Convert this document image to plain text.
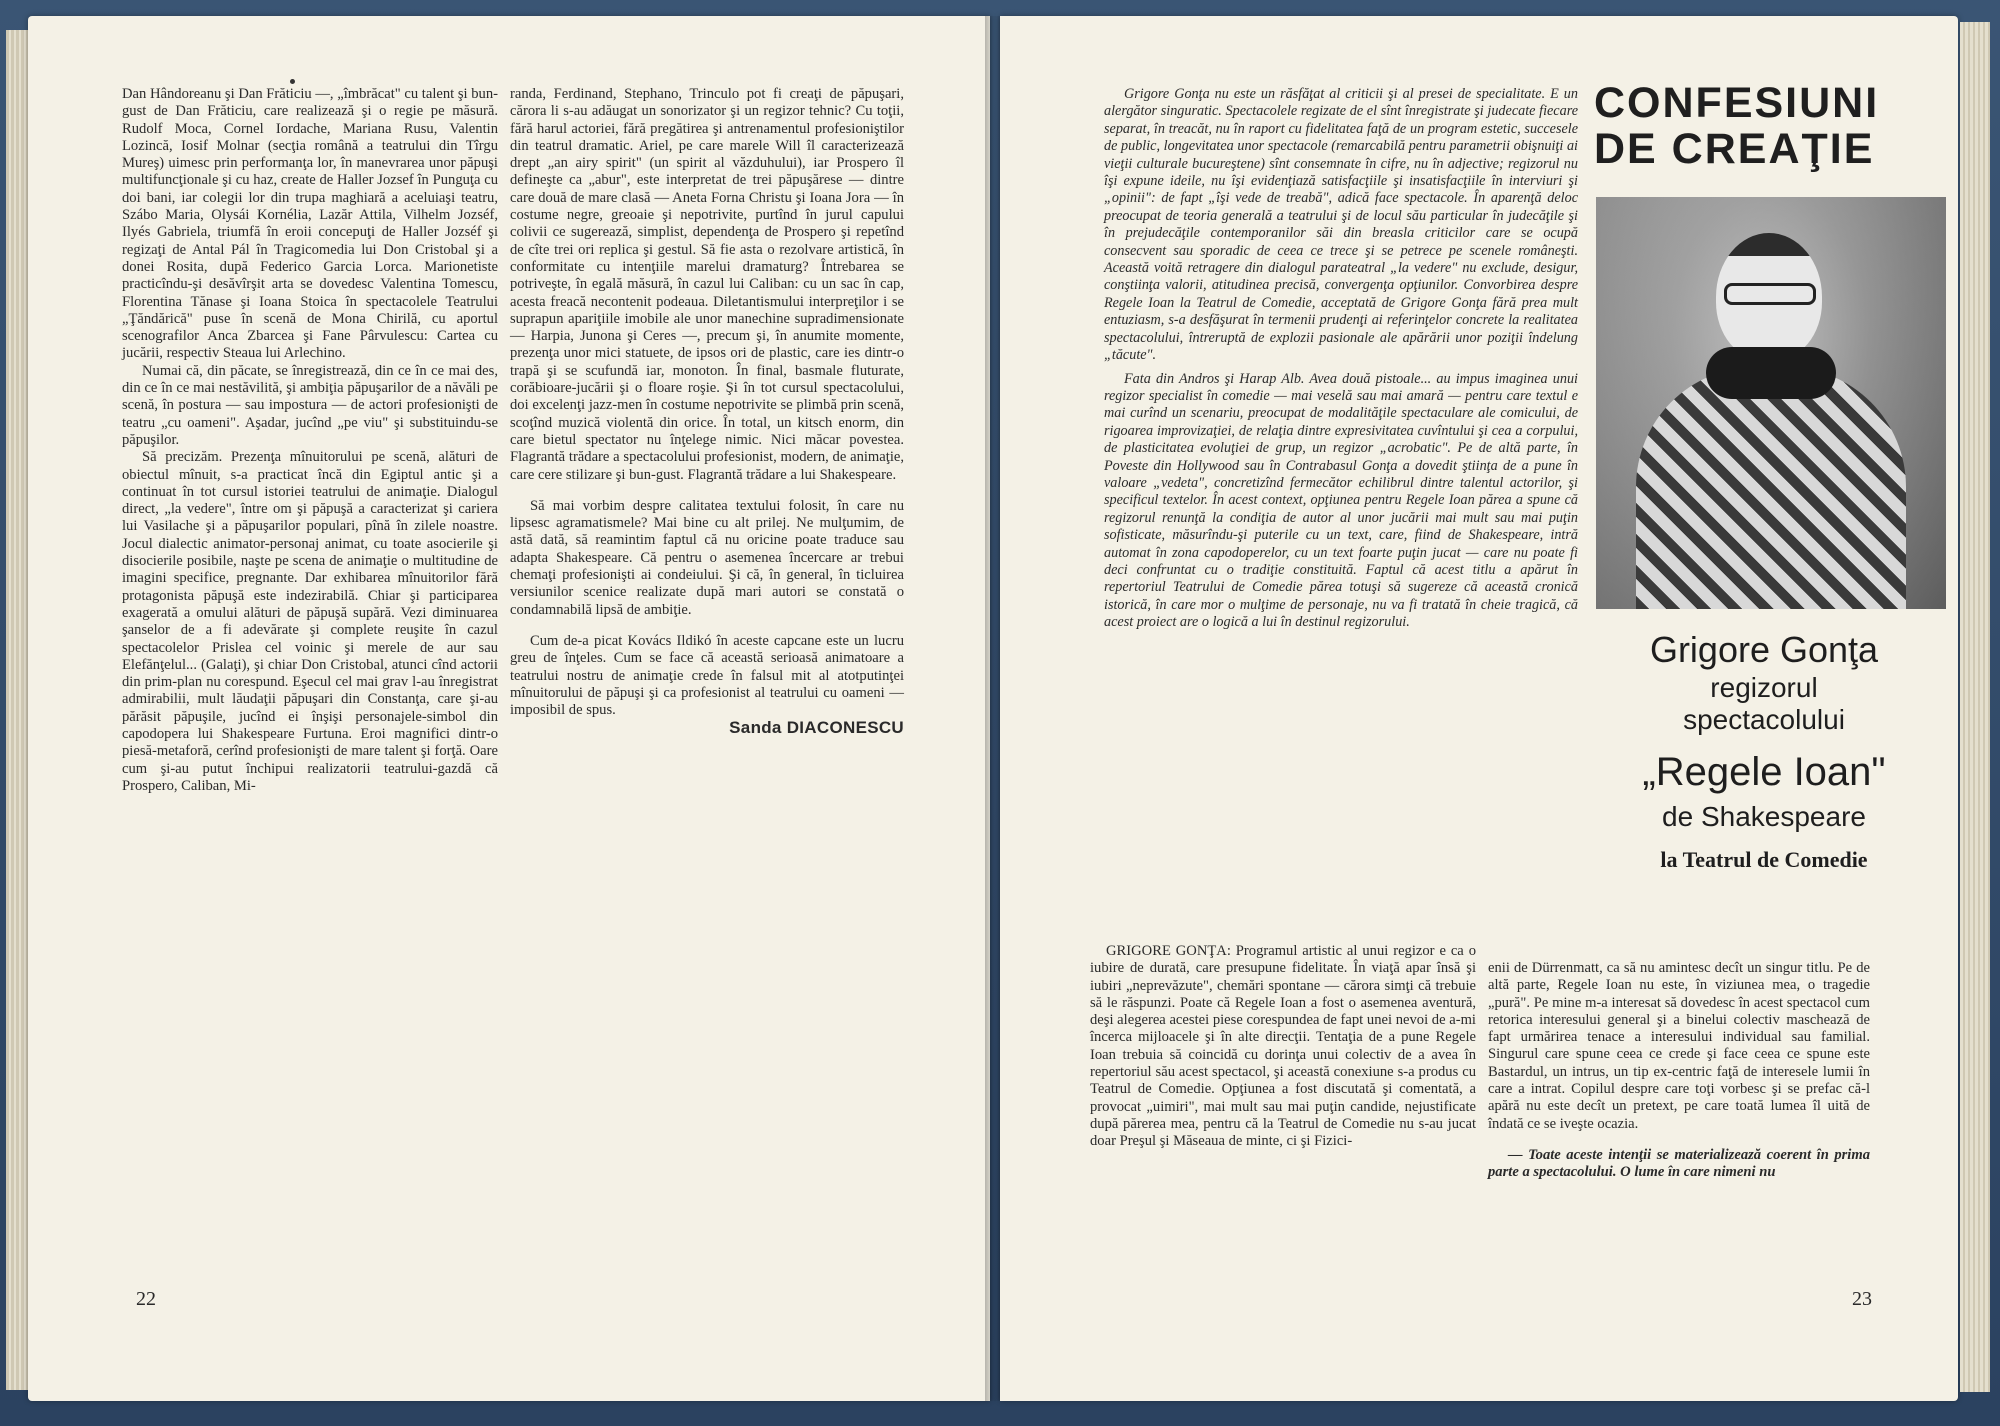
Dan Hândoreanu şi Dan Frăticiu —, „îmbrăcat" cu talent şi bun-gust de Dan Frăticiu, care realizează şi o regie pe măsură. Rudolf Moca, Cornel Iordache, Mariana Rusu, Valentin Lozincă, Iosif Molnar (secţia română a teatrului din Tîrgu Mureş) uimesc prin performanţa lor, în manevrarea unor păpuşi multifuncţionale şi cu haz, create de Haller Jozsef în Punguţa cu doi bani, iar colegii lor din trupa maghiară a aceluiaşi teatru, Szábo Maria, Olysái Kornélia, Lazăr Attila, Vilhelm Jozséf, Ilyés Gabriela, triumfă în eroii concepuţi de Haller Jozséf şi regizaţi de Antal Pál în Tragicomedia lui Don Cristobal şi a donei Rosita, după Federico Garcia Lorca. Marionetiste practicîndu-şi desăvîrşit arta se dovedesc Valentina Tomescu, Florentina Tănase şi Ioana Stoica în spectacolele Teatrului „Ţăndărică" puse în scenă de Mona Chirilă, cu aportul scenografilor Anca Zbarcea şi Fane Pârvulescu: Cartea cu jucării, respectiv Steaua lui Arlechino.

Numai că, din păcate, se înregistrează, din ce în ce mai des, din ce în ce mai nestăvilită, şi ambiţia păpuşarilor de a năvăli pe scenă, în postura — sau impostura — de actori profesionişti de teatru „cu oameni". Aşadar, jucînd „pe viu" şi substituindu-se păpuşilor.

Să precizăm. Prezenţa mînuitorului pe scenă, alături de obiectul mînuit, s-a practicat încă din Egiptul antic şi a continuat în tot cursul istoriei teatrului de animaţie. Dialogul direct, „la vedere", între om şi păpuşă a caracterizat şi cariera lui Vasilache şi a păpuşarilor populari, pînă în zilele noastre. Jocul dialectic animator-personaj animat, cu toate asocierile şi disocierile posibile, naşte pe scena de animaţie o multitudine de imagini specifice, pregnante. Dar exhibarea mînuitorilor fără protagonista păpuşă este indezirabilă. Chiar şi participarea exagerată a omului alături de păpuşă supără. Vezi diminuarea şanselor de a fi adevărate şi complete reuşite în cazul spectacolelor Prislea cel voinic şi merele de aur sau Elefănţelul... (Galaţi), şi chiar Don Cristobal, atunci cînd actorii din prim-plan nu corespund. Eşecul cel mai grav l-au înregistrat admirabilii, mult lăudaţii păpuşari din Constanţa, care şi-au părăsit păpuşile, jucînd ei înşişi personajele-simbol din capodopera lui Shakespeare Furtuna. Eroi magnifici dintr-o piesă-metaforă, cerînd profesionişti de mare talent şi forţă. Oare cum şi-au putut închipui realizatorii teatrului-gazdă că Prospero, Caliban, Mi-

randa, Ferdinand, Stephano, Trinculo pot fi creaţi de păpuşari, cărora li s-au adăugat un sonorizator şi un regizor tehnic? Cu toţii, fără harul actoriei, fără pregătirea şi antrenamentul profesioniştilor din teatrul dramatic. Ariel, pe care marele Will îl caracterizează drept „an airy spirit" (un spirit al văzduhului), iar Prospero îl defineşte ca „abur", este interpretat de trei păpuşărese — dintre care două de mare clasă — Aneta Forna Christu şi Ioana Jora — în costume negre, greoaie şi nepotrivite, purtînd în jurul capului colivii ce sugerează, simplist, dependenţa de Prospero şi repetînd de cîte trei ori replica şi gestul. Să fie asta o rezolvare artistică, în conformitate cu intenţiile marelui dramaturg? Întrebarea se potriveşte, în egală măsură, în cazul lui Caliban: cu un sac în cap, acesta freacă necontenit podeaua. Diletantismului interpreţilor i se suprapun apariţiile imobile ale unor manechine supradimensionate — Harpia, Junona şi Ceres —, precum şi, în anumite momente, prezenţa unor mici statuete, de ipsos ori de plastic, care ies dintr-o trapă şi se scufundă iar, monoton. În final, basmale fluturate, corăbioare-jucării şi o floare roşie. Şi în tot cursul spectacolului, doi excelenţi jazz-men în costume nepotrivite se plimbă prin scenă, scoţînd muzică violentă din orice. În total, un kitsch enorm, din care bietul spectator nu înţelege nimic. Nici măcar povestea. Flagrantă trădare a spectacolului profesionist, modern, de animaţie, care cere stilizare şi bun-gust. Flagrantă trădare a lui Shakespeare.

Să mai vorbim despre calitatea textului folosit, în care nu lipsesc agramatismele? Mai bine cu alt prilej. Ne mulţumim, de astă dată, să reamintim faptul că nu oricine poate traduce sau adapta Shakespeare. Că pentru o asemenea încercare ar trebui chemaţi profesionişti ai condeiului. Şi că, în general, în ticluirea versiunilor scenice realizate după mari autori se constată o condamnabilă lipsă de ambiţie.

Cum de-a picat Kovács Ildikó în aceste capcane este un lucru greu de înţeles. Cum se face că această serioasă animatoare a teatrului nostru de animaţie crede în falsul mit al atotputinţei mînuitorului de păpuşi şi ca profesionist al teatrului cu oameni — imposibil de spus.

Sanda DIACONESCU

22

Grigore Gonţa nu este un răsfăţat al criticii şi al presei de specialitate. E un alergător singuratic. Spectacolele regizate de el sînt înregistrate şi judecate fiecare separat, în treacăt, nu în raport cu fidelitatea faţă de un program estetic, succesele de public, longevitatea unor spectacole (remarcabilă pentru parametrii obişnuiţi ai vieţii culturale bucureştene) sînt consemnate în cifre, nu în adjective; regizorul nu îşi expune ideile, nu îşi evidenţiază satisfacţiile şi insatisfacţiile în interviuri şi „opinii": de fapt „îşi vede de treabă", adică face spectacole. În aparenţă deloc preocupat de teoria generală a teatrului şi de locul său particular în judecăţile şi în prejudecăţile contemporanilor săi din breasla criticilor care se ocupă consecvent sau sporadic de ceea ce trece şi se petrece pe scenele româneşti. Această voită retragere din dialogul parateatral „la vedere" nu exclude, desigur, conştiinţa valorii, atitudinea precisă, convergenţa opţiunilor. Convorbirea despre Regele Ioan la Teatrul de Comedie, acceptată de Grigore Gonţa fără prea mult entuziasm, s-a desfăşurat în termenii prudenţi ai referinţelor concrete la realitatea spectacolului, întreruptă de explozii pasionale ale apărării unor poziţii îndelung „tăcute".

Fata din Andros şi Harap Alb. Avea două pistoale... au impus imaginea unui regizor specialist în comedie — mai veselă sau mai amară — pentru care textul e mai curînd un scenariu, preocupat de modalităţile spectaculare ale comicului, de rigoarea improvizaţiei, de relaţia dintre expresivitatea cuvîntului şi cea a corpului, de plasticitatea evoluţiei de grup, un regizor „acrobatic". Pe de altă parte, în Poveste din Hollywood sau în Contrabasul Gonţa a dovedit ştiinţa de a pune în valoare „vedeta", concretizînd fermecător echilibrul dintre talentul actorilor, şi specificul textelor. În acest context, opţiunea pentru Regele Ioan părea a spune că regizorul renunţă la condiţia de autor al unor jucării mai mult sau mai puţin sofisticate, măsurîndu-şi puterile cu un text, care, fiind de Shakespeare, intră automat în zona capodoperelor, cu un text foarte puţin jucat — care nu poate fi deci confruntat cu o tradiţie constituită. Faptul că acest titlu a apărut în repertoriul Teatrului de Comedie părea totuşi să sugereze că această cronică istorică, în care mor o mulţime de personaje, nu va fi tratată în cheie tragică, că acest proiect are o logică a lui în destinul regizorului.

CONFESIUNI
DE CREAŢIE
Grigore Gonţa
regizorul
spectacolului
„Regele Ioan"
de Shakespeare
la Teatrul de Comedie

GRIGORE GONŢA: Programul artistic al unui regizor e ca o iubire de durată, care presupune fidelitate. În viaţă apar însă şi iubiri „neprevăzute", chemări spontane — cărora simţi că trebuie să le răspunzi. Poate că Regele Ioan a fost o asemenea aventură, deşi alegerea acestei piese corespundea de fapt unei nevoi de a-mi încerca mijloacele şi în alte direcţii. Tentaţia de a pune Regele Ioan trebuia să coincidă cu dorinţa unui colectiv de a avea în repertoriul său acest spectacol, şi această conexiune s-a produs cu Teatrul de Comedie. Opţiunea a fost discutată şi comentată, a provocat „uimiri", mai mult sau mai puţin candide, nejustificate după părerea mea, pentru că la Teatrul de Comedie nu s-au jucat doar Preşul şi Măseaua de minte, ci şi Fizici-

enii de Dürrenmatt, ca să nu amintesc decît un singur titlu. Pe de altă parte, Regele Ioan nu este, în viziunea mea, o tragedie „pură". Pe mine m-a interesat să dovedesc în acest spectacol cum retorica interesului general şi a binelui colectiv maschează de fapt urmărirea tenace a interesului individual sau familial. Singurul care spune ceea ce crede şi face ceea ce spune este Bastardul, un intrus, un tip ex-centric faţă de interesele lumii în care a intrat. Copilul despre care toţi vorbesc şi se prefac că-l apără nu este decît un pretext, pe care toată lumea îl uită de îndată ce se iveşte ocazia.

— Toate aceste intenţii se materializează coerent în prima parte a spectacolului. O lume în care nimeni nu

23
